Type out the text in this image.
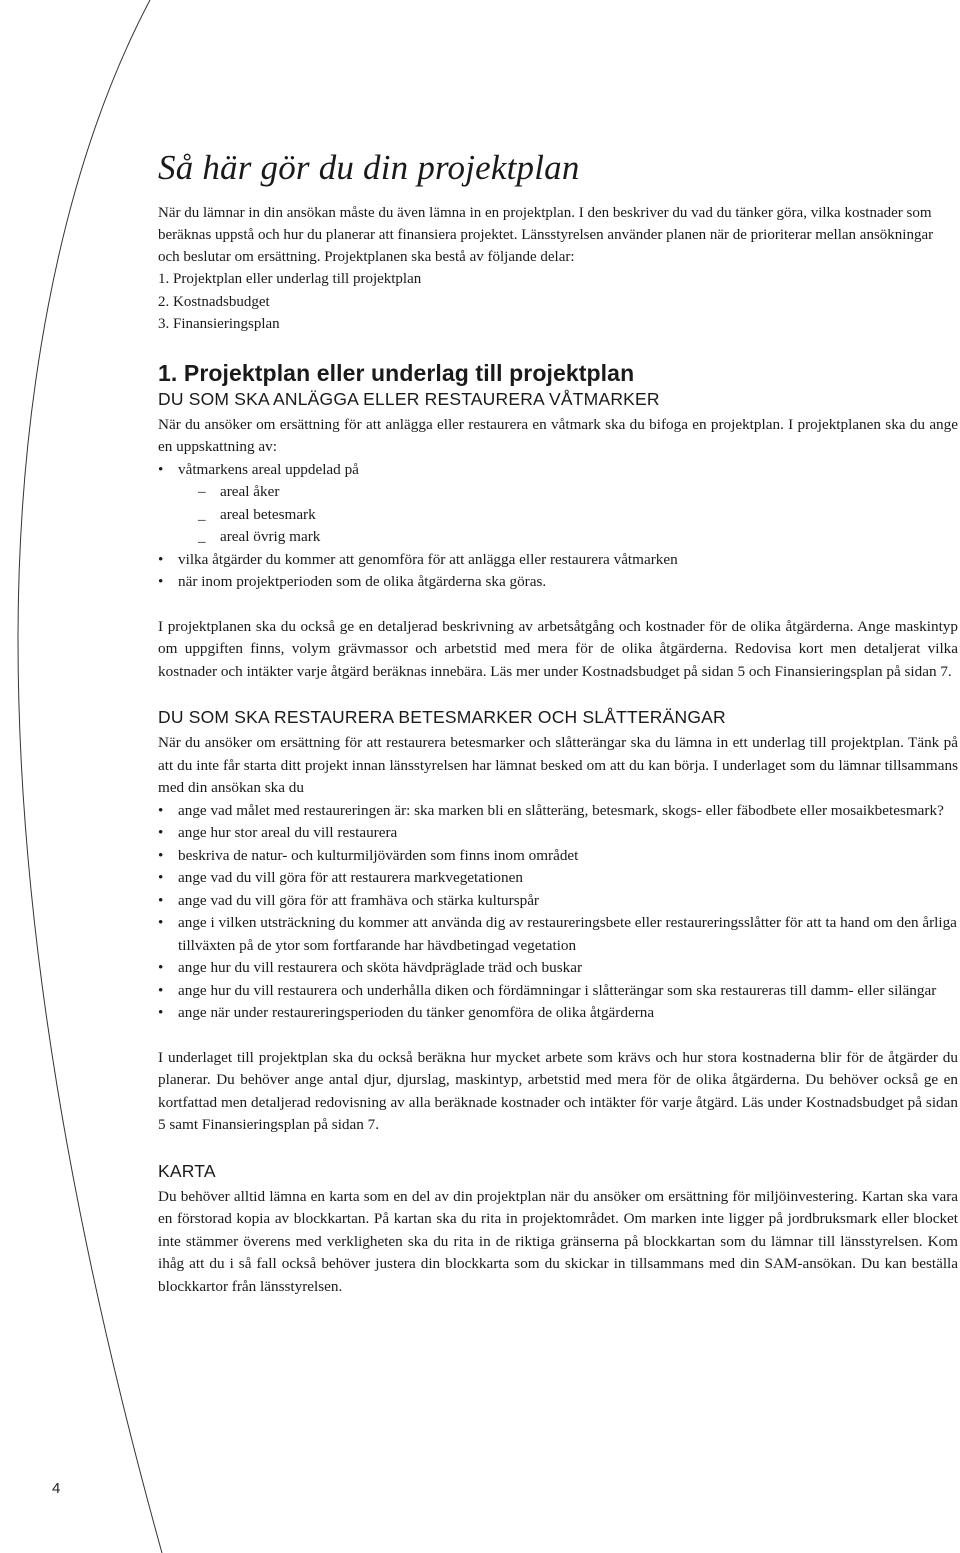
4
Så här gör du din projektplan

När du lämnar in din ansökan måste du även lämna in en projektplan. I den beskriver du vad du tänker göra, vilka kostnader som beräknas uppstå och hur du planerar att finansiera projektet. Länsstyrelsen använder planen när de prioriterar mellan ansökningar och beslutar om ersättning. Projektplanen ska bestå av följande delar:

1. Projektplan eller underlag till projektplan
2. Kostnadsbudget
3. Finansieringsplan
1. Projektplan eller underlag till projektplan
DU SOM SKA ANLÄGGA ELLER RESTAURERA VÅTMARKER

När du ansöker om ersättning för att anlägga eller restaurera en våtmark ska du bifoga en projektplan. I projektplanen ska du ange en uppskattning av:

• våtmarkens areal uppdelad på
– areal åker
_ areal betesmark
_ areal övrig mark
• vilka åtgärder du kommer att genomföra för att anlägga eller restaurera våtmarken
• när inom projektperioden som de olika åtgärderna ska göras.

I projektplanen ska du också ge en detaljerad beskrivning av arbetsåtgång och kostnader för de olika åtgärderna. Ange maskintyp om uppgiften finns, volym grävmassor och arbetstid med mera för de olika åtgärderna. Redovisa kort men detaljerat vilka kostnader och intäkter varje åtgärd beräknas innebära. Läs mer under Kostnadsbudget på sidan 5 och Finansieringsplan på sidan 7.

DU SOM SKA RESTAURERA BETESMARKER OCH SLÅTTERÄNGAR

När du ansöker om ersättning för att restaurera betesmarker och slåtterängar ska du lämna in ett underlag till projektplan. Tänk på att du inte får starta ditt projekt innan länsstyrelsen har lämnat besked om att du kan börja. I underlaget som du lämnar tillsammans med din ansökan ska du

• ange vad målet med restaureringen är: ska marken bli en slåtteräng, betesmark, skogs- eller fäbodbete eller mosaikbetesmark?
• ange hur stor areal du vill restaurera
• beskriva de natur- och kulturmiljövärden som finns inom området
• ange vad du vill göra för att restaurera markvegetationen
• ange vad du vill göra för att framhäva och stärka kulturspår
• ange i vilken utsträckning du kommer att använda dig av restaureringsbete eller restaureringsslåtter för att ta hand om den årliga tillväxten på de ytor som fortfarande har hävdbetingad vegetation
• ange hur du vill restaurera och sköta hävdpräglade träd och buskar
• ange hur du vill restaurera och underhålla diken och fördämningar i slåtterängar som ska restaureras till damm- eller silängar
• ange när under restaureringsperioden du tänker genomföra de olika åtgärderna

I underlaget till projektplan ska du också beräkna hur mycket arbete som krävs och hur stora kostnaderna blir för de åtgärder du planerar. Du behöver ange antal djur, djurslag, maskintyp, arbetstid med mera för de olika åtgärderna. Du behöver också ge en kortfattad men detaljerad redovisning av alla beräknade kostnader och intäkter för varje åtgärd. Läs under Kostnadsbudget på sidan 5 samt Finansieringsplan på sidan 7.

KARTA

Du behöver alltid lämna en karta som en del av din projektplan när du ansöker om ersättning för miljöinvestering. Kartan ska vara en förstorad kopia av blockkartan. På kartan ska du rita in projektområdet. Om marken inte ligger på jordbruksmark eller blocket inte stämmer överens med verkligheten ska du rita in de riktiga gränserna på blockkartan som du lämnar till länsstyrelsen. Kom ihåg att du i så fall också behöver justera din blockkarta som du skickar in tillsammans med din SAM-ansökan. Du kan beställa blockkartor från länsstyrelsen.
